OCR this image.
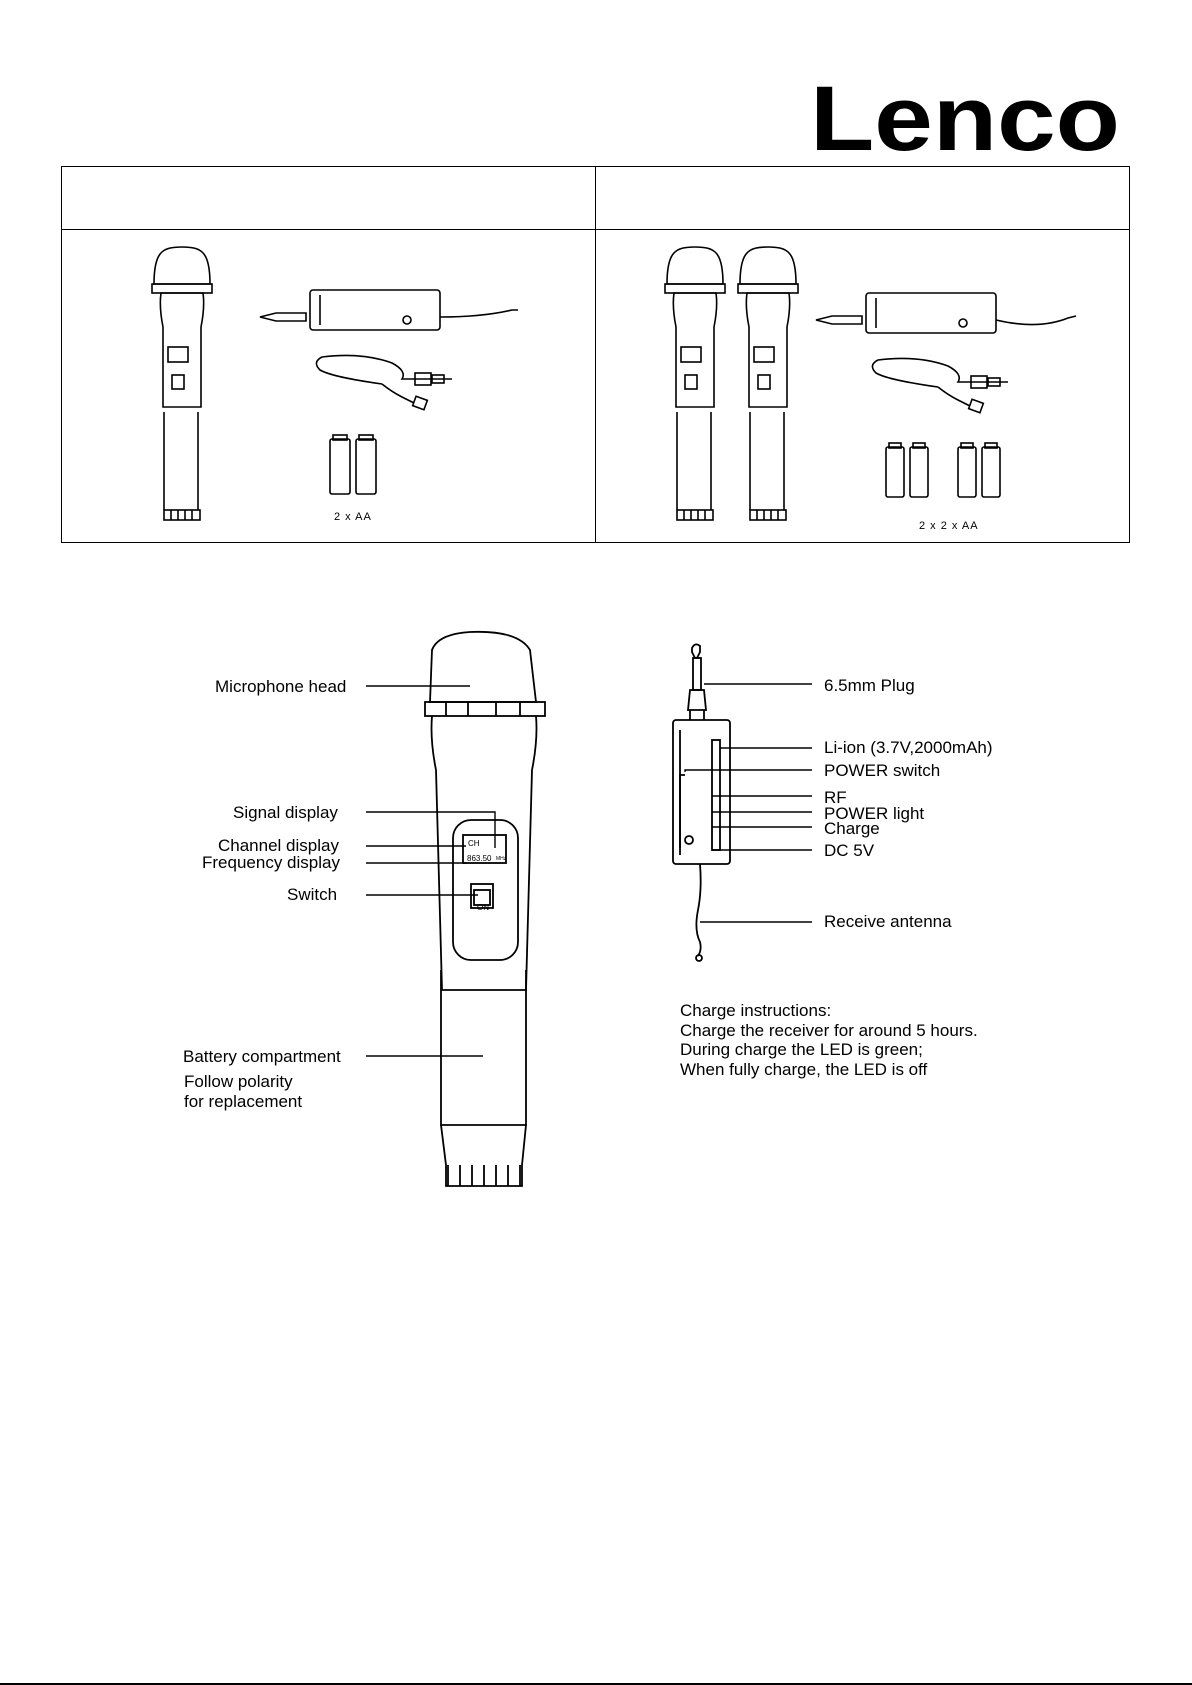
Lenco
2 x AA
2 x 2 x AA
CH
863.50 MHz
ON
Microphone head
Signal display
Channel display
Frequency display
Switch
Battery compartment
Follow polarity
for replacement
6.5mm Plug
Li-ion (3.7V,2000mAh)
POWER switch
RF
POWER light
Charge
DC 5V
Receive antenna
Charge instructions:
Charge the receiver for around 5 hours.
During charge the LED is green;
When fully charge, the LED is off
